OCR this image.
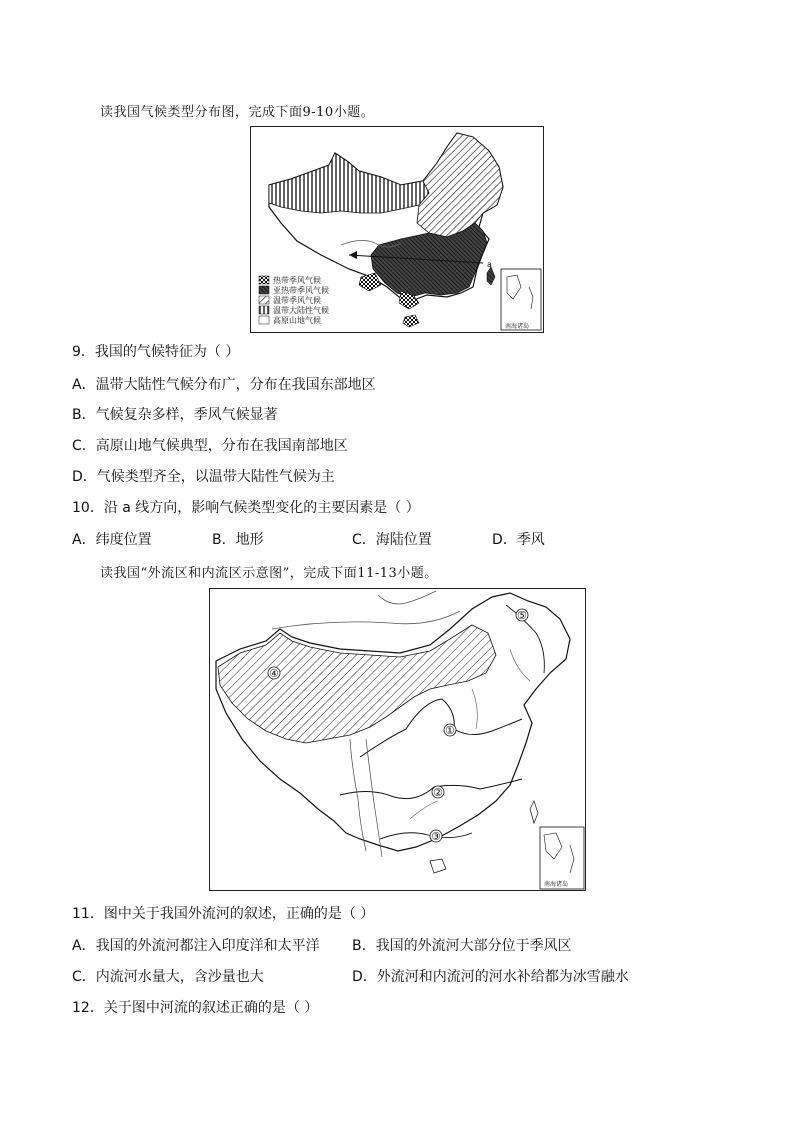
读我国气候类型分布图，完成下面9-10小题。
a
热带季风气候
亚热带季风气候
温带季风气候
温带大陆性气候
高原山地气候
南海诸岛
9．我国的气候特征为（ ）
A．温带大陆性气候分布广，分布在我国东部地区
B．气候复杂多样，季风气候显著
C．高原山地气候典型，分布在我国南部地区
D．气候类型齐全，以温带大陆性气候为主
10．沿 a 线方向，影响气候类型变化的主要因素是（ ）
A．纬度位置	B．地形	C．海陆位置	D．季风
读我国“外流区和内流区示意图”，完成下面11-13小题。
①
②
③
④
⑤
南海诸岛
11．图中关于我国外流河的叙述，正确的是（ ）
A．我国的外流河都注入印度洋和太平洋 B．我国的外流河大部分位于季风区
C．内流河水量大，含沙量也大	D．外流河和内流河的河水补给都为冰雪融水
12．关于图中河流的叙述正确的是（ ）
